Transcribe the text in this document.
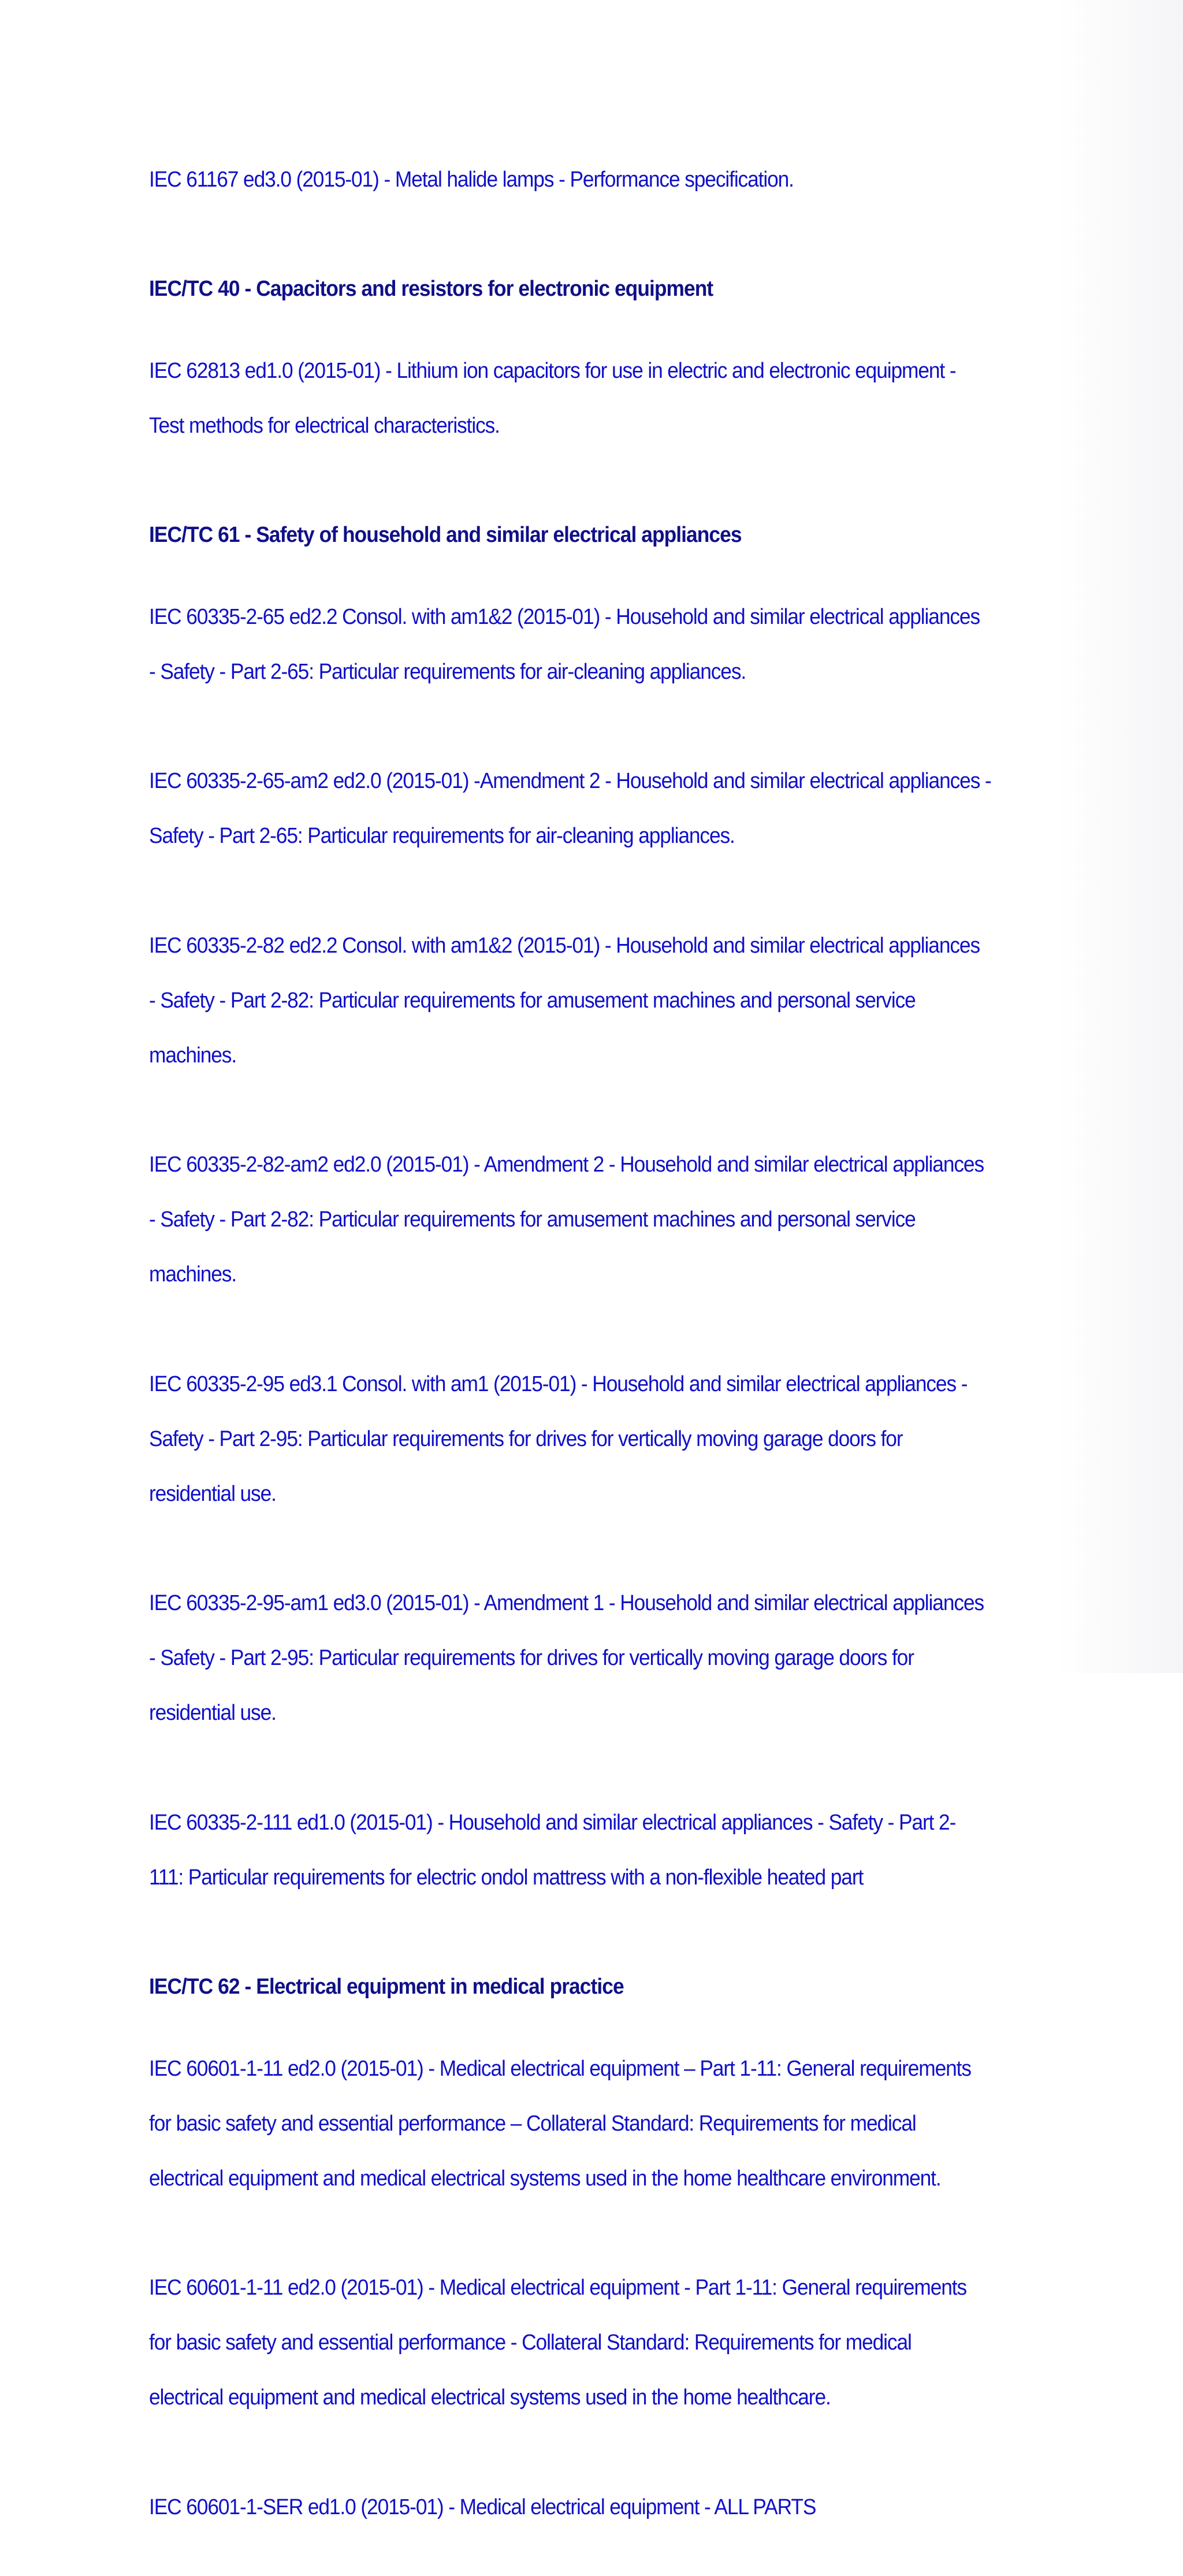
IEC 61167 ed3.0 (2015-01) - Metal halide lamps - Performance specification.

IEC/TC 40 - Capacitors and resistors for electronic equipment

IEC 62813 ed1.0 (2015-01) - Lithium ion capacitors for use in electric and electronic equipment -

Test methods for electrical characteristics.

IEC/TC 61 - Safety of household and similar electrical appliances

IEC 60335-2-65 ed2.2 Consol. with am1&2 (2015-01) - Household and similar electrical appliances

- Safety - Part 2-65: Particular requirements for air-cleaning appliances.

IEC 60335-2-65-am2 ed2.0 (2015-01) -Amendment 2 - Household and similar electrical appliances -

Safety - Part 2-65: Particular requirements for air-cleaning appliances.

IEC 60335-2-82 ed2.2 Consol. with am1&2 (2015-01) - Household and similar electrical appliances

- Safety - Part 2-82: Particular requirements for amusement machines and personal service

machines.

IEC 60335-2-82-am2 ed2.0 (2015-01) - Amendment 2 - Household and similar electrical appliances

- Safety - Part 2-82: Particular requirements for amusement machines and personal service

machines.

IEC 60335-2-95 ed3.1 Consol. with am1 (2015-01) - Household and similar electrical appliances -

Safety - Part 2-95: Particular requirements for drives for vertically moving garage doors for

residential use.

IEC 60335-2-95-am1 ed3.0 (2015-01) - Amendment 1 - Household and similar electrical appliances

- Safety - Part 2-95: Particular requirements for drives for vertically moving garage doors for

residential use.

IEC 60335-2-111 ed1.0 (2015-01) - Household and similar electrical appliances - Safety - Part 2-

111: Particular requirements for electric ondol mattress with a non-flexible heated part

IEC/TC 62 - Electrical equipment in medical practice

IEC 60601-1-11 ed2.0 (2015-01) - Medical electrical equipment – Part 1-11: General requirements

for basic safety and essential performance – Collateral Standard: Requirements for medical

electrical equipment and medical electrical systems used in the home healthcare environment.

IEC 60601-1-11 ed2.0 (2015-01) - Medical electrical equipment - Part 1-11: General requirements

for basic safety and essential performance - Collateral Standard: Requirements for medical

electrical equipment and medical electrical systems used in the home healthcare.

IEC 60601-1-SER ed1.0 (2015-01) - Medical electrical equipment - ALL PARTS
